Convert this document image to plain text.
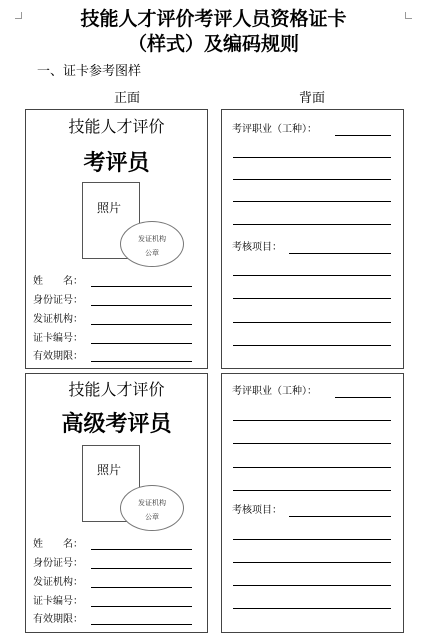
技能人才评价考评人员资格证卡
（样式）及编码规则
一、证卡参考图样
正面	背面
技能人才评价
考评员
照片
发证机构
公章
姓　　名：
身份证号：
发证机构：
证卡编号：
有效期限：
考评职业（工种）：
考核项目：
技能人才评价
高级考评员
照片
发证机构
公章
姓　　名：
身份证号：
发证机构：
证卡编号：
有效期限：
考评职业（工种）：
考核项目：
